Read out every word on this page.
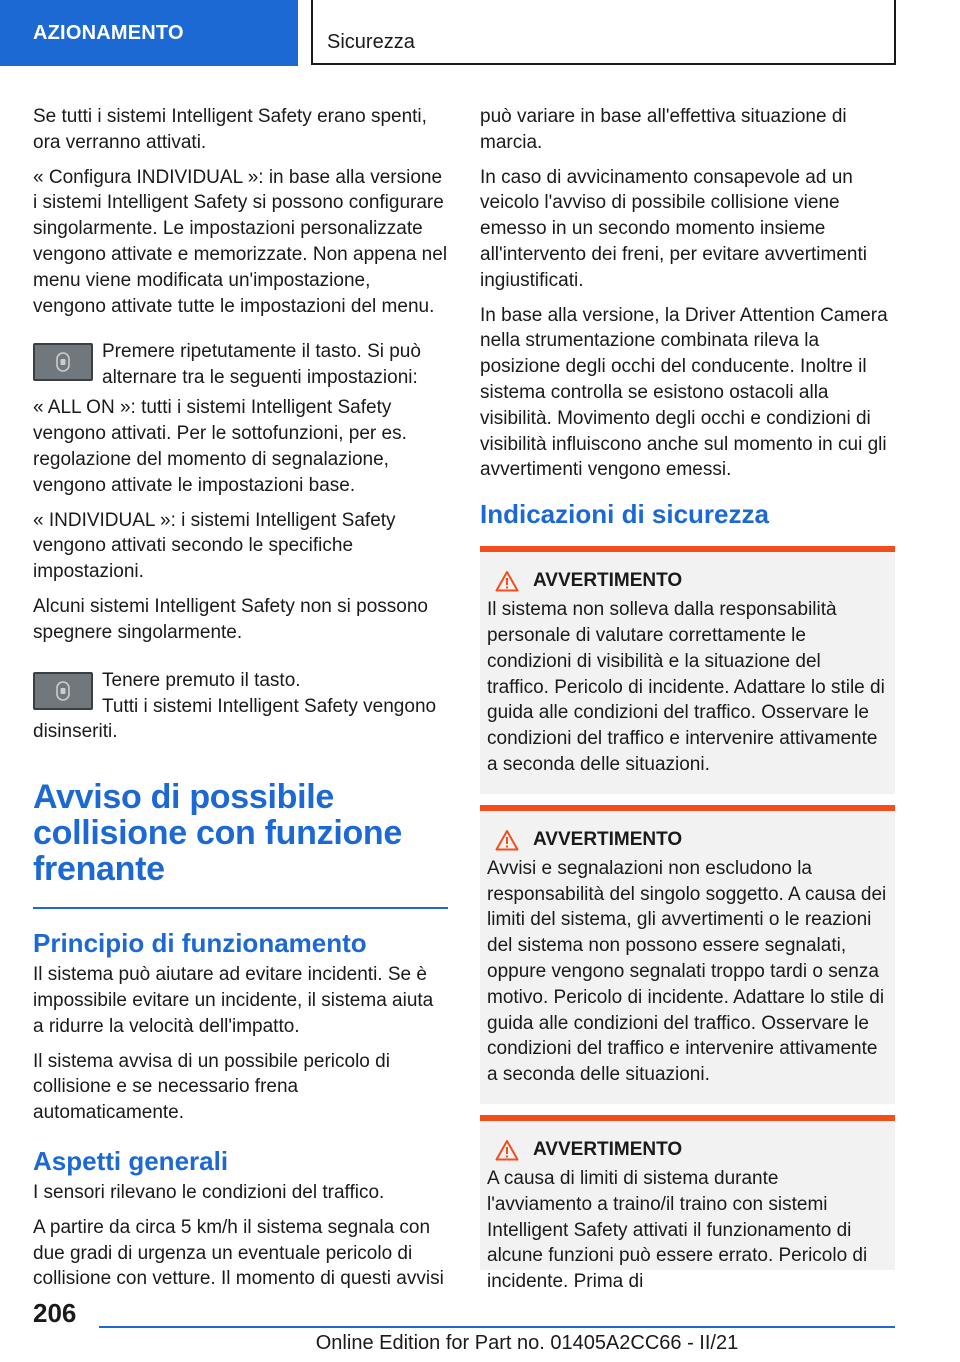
AZIONAMENTO	Sicurezza

Se tutti i sistemi Intelligent Safety erano spenti, ora verranno attivati.

« Configura INDIVIDUAL »: in base alla versione i sistemi Intelligent Safety si possono configurare singolarmente. Le impostazioni personalizzate vengono attivate e memorizzate. Non appena nel menu viene modificata un'impostazione, vengono attivate tutte le impostazioni del menu.

Premere ripetutamente il tasto. Si può alternare tra le seguenti impostazioni:

« ALL ON »: tutti i sistemi Intelligent Safety vengono attivati. Per le sottofunzioni, per es. regolazione del momento di segnalazione, vengono attivate le impostazioni base.

« INDIVIDUAL »: i sistemi Intelligent Safety vengono attivati secondo le specifiche impostazioni.

Alcuni sistemi Intelligent Safety non si possono spegnere singolarmente.

Tenere premuto il tasto.

Tutti i sistemi Intelligent Safety vengono disinseriti.

Avviso di possibile collisione con funzione frenante
Principio di funzionamento

Il sistema può aiutare ad evitare incidenti. Se è impossibile evitare un incidente, il sistema aiuta a ridurre la velocità dell'impatto.

Il sistema avvisa di un possibile pericolo di collisione e se necessario frena automaticamente.

Aspetti generali

I sensori rilevano le condizioni del traffico.

A partire da circa 5 km/h il sistema segnala con due gradi di urgenza un eventuale pericolo di collisione con vetture. Il momento di questi avvisi

può variare in base all'effettiva situazione di marcia.

In caso di avvicinamento consapevole ad un veicolo l'avviso di possibile collisione viene emesso in un secondo momento insieme all'intervento dei freni, per evitare avvertimenti ingiustificati.

In base alla versione, la Driver Attention Camera nella strumentazione combinata rileva la posizione degli occhi del conducente. Inoltre il sistema controlla se esistono ostacoli alla visibilità. Movimento degli occhi e condizioni di visibilità influiscono anche sul momento in cui gli avvertimenti vengono emessi.

Indicazioni di sicurezza
AVVERTIMENTO

Il sistema non solleva dalla responsabilità personale di valutare correttamente le condizioni di visibilità e la situazione del traffico. Pericolo di incidente. Adattare lo stile di guida alle condizioni del traffico. Osservare le condizioni del traffico e intervenire attivamente a seconda delle situazioni.

AVVERTIMENTO

Avvisi e segnalazioni non escludono la responsabilità del singolo soggetto. A causa dei limiti del sistema, gli avvertimenti o le reazioni del sistema non possono essere segnalati, oppure vengono segnalati troppo tardi o senza motivo. Pericolo di incidente. Adattare lo stile di guida alle condizioni del traffico. Osservare le condizioni del traffico e intervenire attivamente a seconda delle situazioni.

AVVERTIMENTO

A causa di limiti di sistema durante l'avviamento a traino/il traino con sistemi Intelligent Safety attivati il funzionamento di alcune funzioni può essere errato. Pericolo di incidente. Prima di

206
Online Edition for Part no. 01405A2CC66 - II/21
